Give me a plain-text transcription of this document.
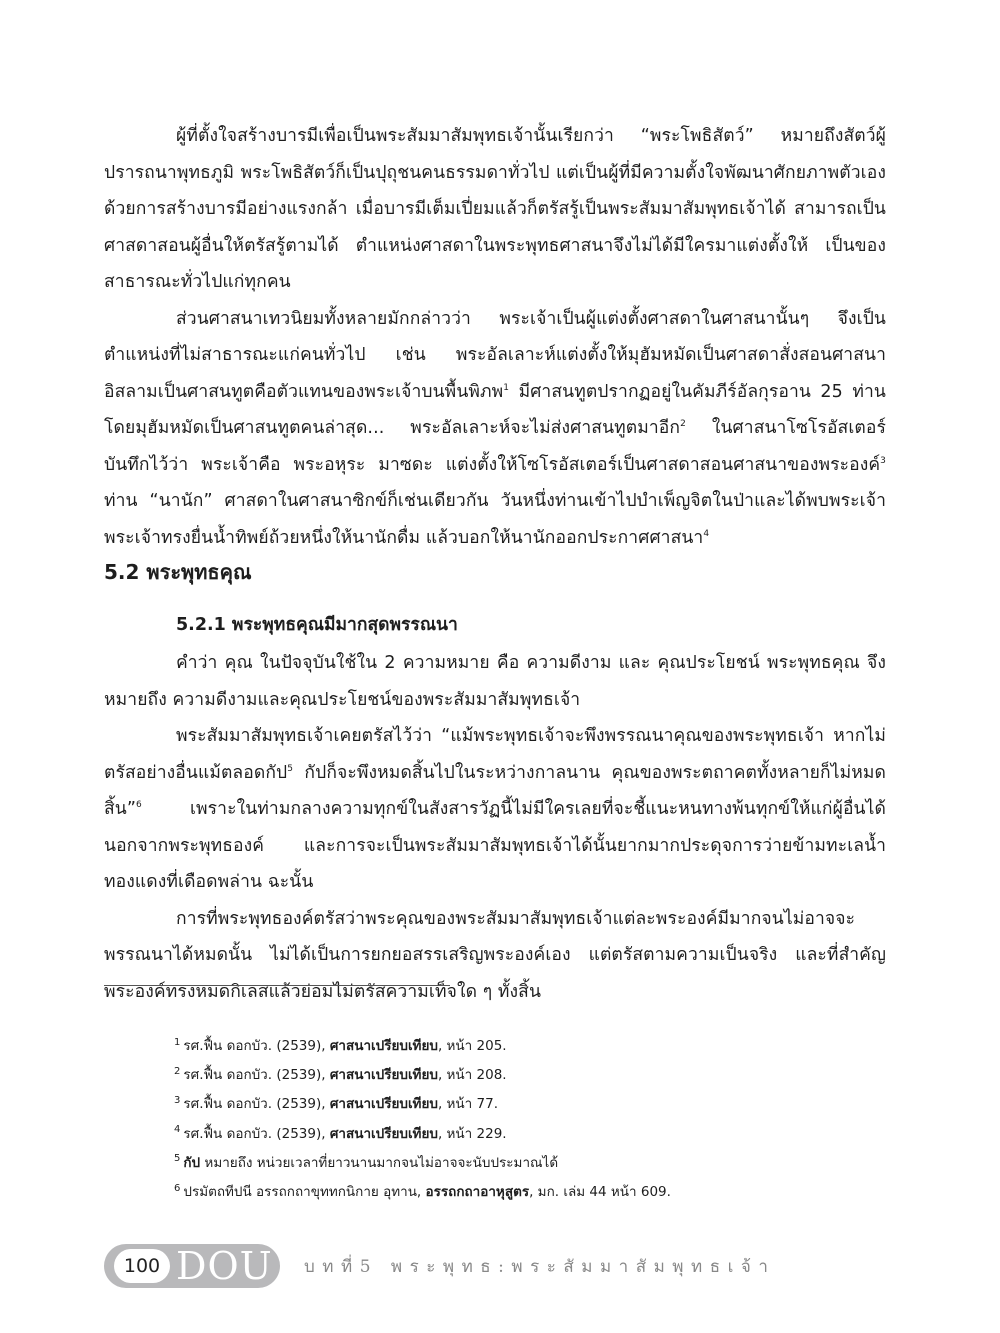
ผู้ที่ตั้งใจสร้างบารมีเพื่อเป็นพระสัมมาสัมพุทธเจ้านั้นเรียกว่า “พระโพธิสัตว์” หมายถึงสัตว์ผู้ปรารถนาพุทธภูมิ พระโพธิสัตว์ก็เป็นปุถุชนคนธรรมดาทั่วไป แต่เป็นผู้ที่มีความตั้งใจพัฒนาศักยภาพตัวเองด้วยการสร้างบารมีอย่างแรงกล้า เมื่อบารมีเต็มเปี่ยมแล้วก็ตรัสรู้เป็นพระสัมมาสัมพุทธเจ้าได้ สามารถเป็นศาสดาสอนผู้อื่นให้ตรัสรู้ตามได้ ตำแหน่งศาสดาในพระพุทธศาสนาจึงไม่ได้มีใครมาแต่งตั้งให้ เป็นของสาธารณะทั่วไปแก่ทุกคน

ส่วนศาสนาเทวนิยมทั้งหลายมักกล่าวว่า พระเจ้าเป็นผู้แต่งตั้งศาสดาในศาสนานั้นๆ จึงเป็นตำแหน่งที่ไม่สาธารณะแก่คนทั่วไป เช่น พระอัลเลาะห์แต่งตั้งให้มุฮัมหมัดเป็นศาสดาสั่งสอนศาสนาอิสลามเป็นศาสนทูตคือตัวแทนของพระเจ้าบนพื้นพิภพ$^1$ มีศาสนทูตปรากฏอยู่ในคัมภีร์อัลกุรอาน 25 ท่าน โดยมุฮัมหมัดเป็นศาสนทูตคนล่าสุด... พระอัลเลาะห์จะไม่ส่งศาสนทูตมาอีก$^2$ ในศาสนาโซโรอัสเตอร์บันทึกไว้ว่า พระเจ้าคือ พระอหุระ มาซดะ แต่งตั้งให้โซโรอัสเตอร์เป็นศาสดาสอนศาสนาของพระองค์$^3$ ท่าน “นานัก” ศาสดาในศาสนาซิกข์ก็เช่นเดียวกัน วันหนึ่งท่านเข้าไปบำเพ็ญจิตในป่าและได้พบพระเจ้า พระเจ้าทรงยื่นน้ำทิพย์ถ้วยหนึ่งให้นานักดื่ม แล้วบอกให้นานักออกประกาศศาสนา$^4$

5.2 พระพุทธคุณ
5.2.1 พระพุทธคุณมีมากสุดพรรณนา

คำว่า คุณ ในปัจจุบันใช้ใน 2 ความหมาย คือ ความดีงาม และ คุณประโยชน์ พระพุทธคุณ จึงหมายถึง ความดีงามและคุณประโยชน์ของพระสัมมาสัมพุทธเจ้า

พระสัมมาสัมพุทธเจ้าเคยตรัสไว้ว่า “แม้พระพุทธเจ้าจะพึงพรรณนาคุณของพระพุทธเจ้า หากไม่ตรัสอย่างอื่นแม้ตลอดกัป$^5$ กัปก็จะพึงหมดสิ้นไปในระหว่างกาลนาน คุณของพระตถาคตทั้งหลายก็ไม่หมดสิ้น”$^6$ เพราะในท่ามกลางความทุกข์ในสังสารวัฏนี้ไม่มีใครเลยที่จะชี้แนะหนทางพ้นทุกข์ให้แก่ผู้อื่นได้นอกจากพระพุทธองค์ และการจะเป็นพระสัมมาสัมพุทธเจ้าได้นั้นยากมากประดุจการว่ายข้ามทะเลน้ำทองแดงที่เดือดพล่าน ฉะนั้น

การที่พระพุทธองค์ตรัสว่าพระคุณของพระสัมมาสัมพุทธเจ้าแต่ละพระองค์มีมากจนไม่อาจจะพรรณนาได้หมดนั้น ไม่ได้เป็นการยกยอสรรเสริญพระองค์เอง แต่ตรัสตามความเป็นจริง และที่สำคัญพระองค์ทรงหมดกิเลสแล้วย่อมไม่ตรัสความเท็จใด ๆ ทั้งสิ้น

$^1$ รศ.ฟื้น ดอกบัว. (2539), ศาสนาเปรียบเทียบ, หน้า 205.

$^2$ รศ.ฟื้น ดอกบัว. (2539), ศาสนาเปรียบเทียบ, หน้า 208.

$^3$ รศ.ฟื้น ดอกบัว. (2539), ศาสนาเปรียบเทียบ, หน้า 77.

$^4$ รศ.ฟื้น ดอกบัว. (2539), ศาสนาเปรียบเทียบ, หน้า 229.

$^5$ กัป หมายถึง หน่วยเวลาที่ยาวนานมากจนไม่อาจจะนับประมาณได้

$^6$ ปรมัตถทีปนี อรรถกถาขุททกนิกาย อุทาน, อรรถกถาอาหุสูตร, มก. เล่ม 44 หน้า 609.

100 DOU บทที่5 พระพุทธ:พระสัมมาสัมพุทธเจ้า
